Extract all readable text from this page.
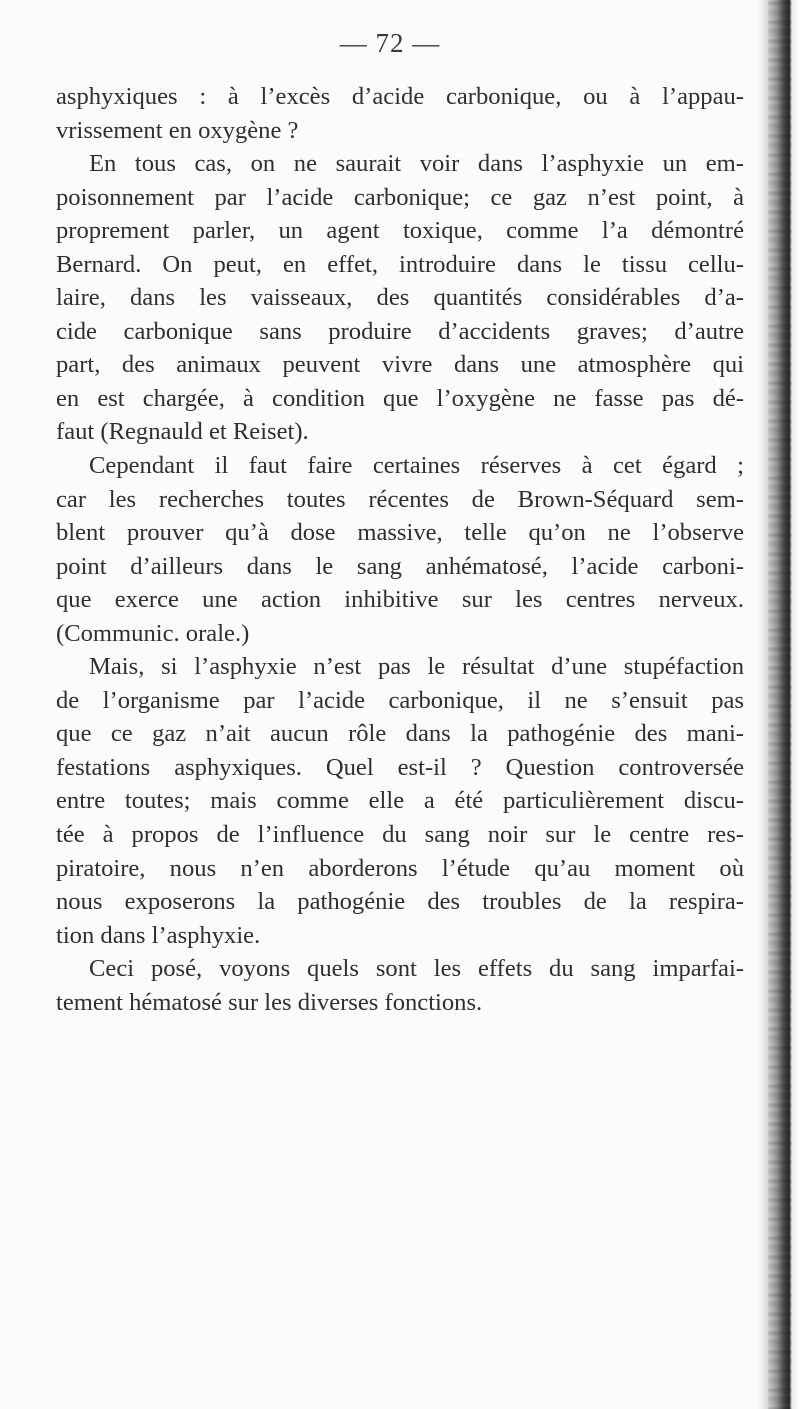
— 72 —
asphyxiques : à l’excès d’acide carbonique, ou à l’appau-
vrissement en oxygène ?
En tous cas, on ne saurait voir dans l’asphyxie un em-
poisonnement par l’acide carbonique; ce gaz n’est point, à
proprement parler, un agent toxique, comme l’a démontré
Bernard. On peut, en effet, introduire dans le tissu cellu-
laire, dans les vaisseaux, des quantités considérables d’a-
cide carbonique sans produire d’accidents graves; d’autre
part, des animaux peuvent vivre dans une atmosphère qui
en est chargée, à condition que l’oxygène ne fasse pas dé-
faut (Regnauld et Reiset).
Cependant il faut faire certaines réserves à cet égard ;
car les recherches toutes récentes de Brown-Séquard sem-
blent prouver qu’à dose massive, telle qu’on ne l’observe
point d’ailleurs dans le sang anhématosé, l’acide carboni-
que exerce une action inhibitive sur les centres nerveux.
(Communic. orale.)
Mais, si l’asphyxie n’est pas le résultat d’une stupéfaction
de l’organisme par l’acide carbonique, il ne s’ensuit pas
que ce gaz n’ait aucun rôle dans la pathogénie des mani-
festations asphyxiques. Quel est-il ? Question controversée
entre toutes; mais comme elle a été particulièrement discu-
tée à propos de l’influence du sang noir sur le centre res-
piratoire, nous n’en aborderons l’étude qu’au moment où
nous exposerons la pathogénie des troubles de la respira-
tion dans l’asphyxie.
Ceci posé, voyons quels sont les effets du sang imparfai-
tement hématosé sur les diverses fonctions.
